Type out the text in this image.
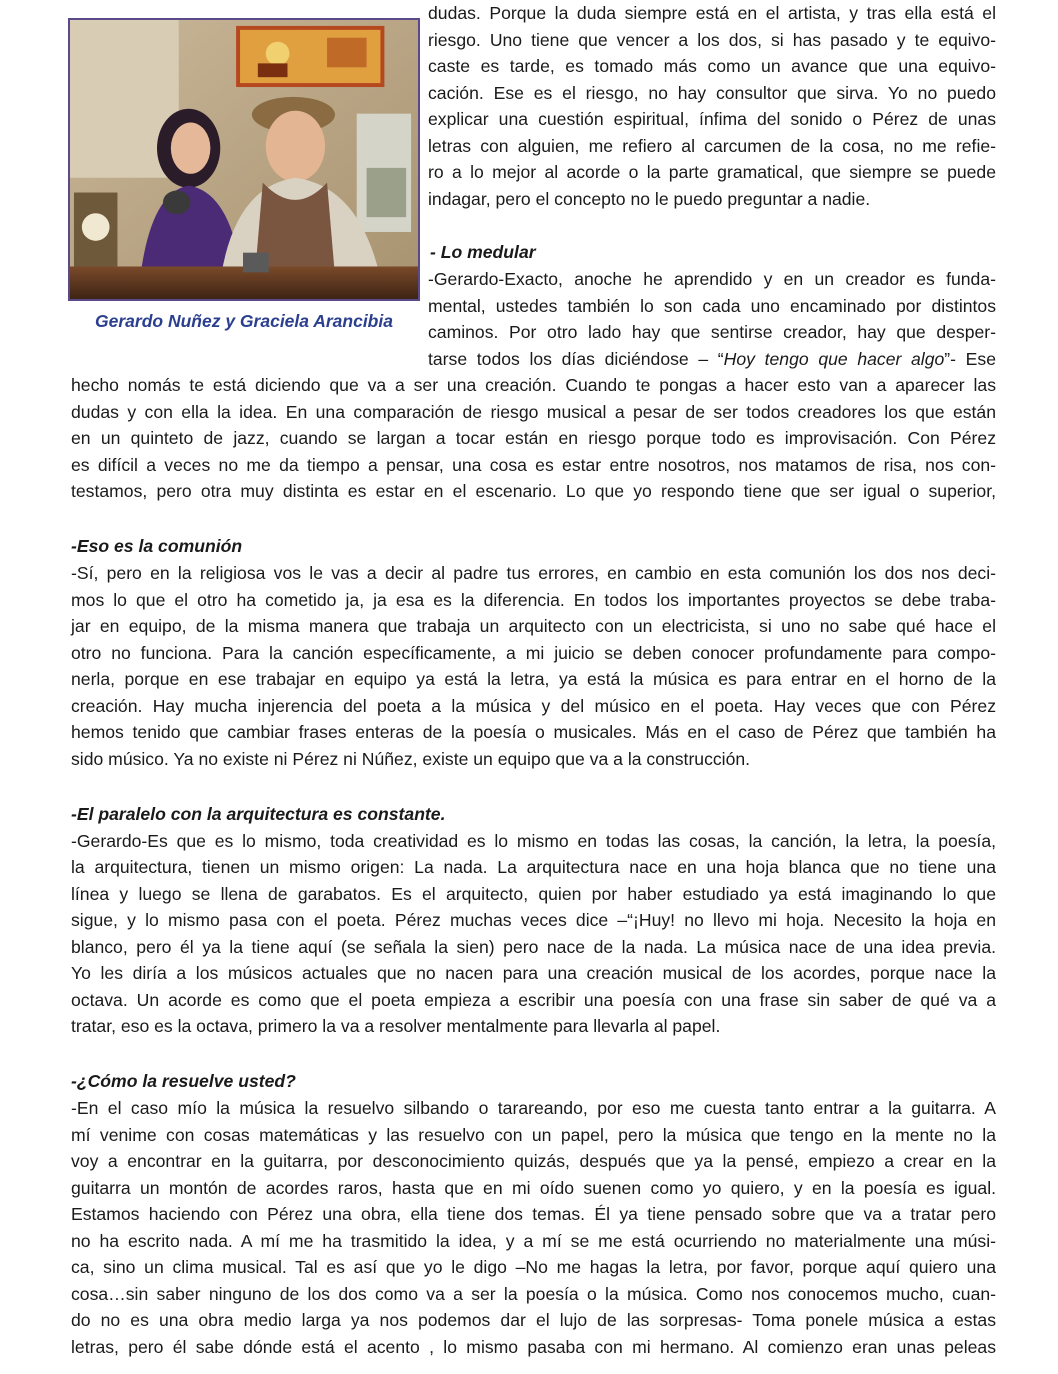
Gerardo Nuñez y Graciela Arancibia

dudas. Porque la duda siempre está en el artista, y tras ella está el

riesgo. Uno tiene que vencer a los dos, si has pasado y te equivo-

caste es tarde, es tomado más como un avance que una equivo-

cación. Ese es el riesgo, no hay consultor que sirva. Yo no puedo

explicar una cuestión espiritual, ínfima del sonido o Pérez de unas

letras con alguien, me refiero al carcumen de la cosa, no me refie-

ro a lo mejor al acorde o la parte gramatical, que siempre se puede

indagar, pero el concepto no le puedo preguntar a nadie.

- Lo medular

-Gerardo-Exacto, anoche he aprendido y en un creador es funda-

mental, ustedes también lo son cada uno encaminado por distintos

caminos. Por otro lado hay que sentirse creador, hay que desper-

tarse todos los días diciéndose – “Hoy tengo que hacer algo”- Ese

hecho nomás te está diciendo que va a ser una creación. Cuando te pongas a hacer esto van a aparecer las

dudas y con ella la idea. En una comparación de riesgo musical a pesar de ser todos creadores los que están

en un quinteto de jazz, cuando se largan a tocar están en riesgo porque todo es improvisación. Con Pérez

es difícil a veces no me da tiempo a pensar, una cosa es estar entre nosotros, nos matamos de risa, nos con-

testamos, pero otra muy distinta es estar en el escenario. Lo que yo respondo tiene que ser igual o superior,

-Eso es la comunión

-Sí, pero en la religiosa vos le vas a decir al padre tus errores, en cambio en esta comunión los dos nos deci-

mos lo que el otro ha cometido ja, ja esa es la diferencia. En todos los importantes proyectos se debe traba-

jar en equipo, de la misma manera que trabaja un arquitecto con un electricista, si uno no sabe qué hace el

otro no funciona. Para la canción específicamente, a mi juicio se deben conocer profundamente para compo-

nerla, porque en ese trabajar en equipo ya está la letra, ya está la música es para entrar en el horno de la

creación. Hay mucha injerencia del poeta a la música y del músico en el poeta. Hay veces que con Pérez

hemos tenido que cambiar frases enteras de la poesía o musicales. Más en el caso de Pérez que también ha

sido músico. Ya no existe ni Pérez ni Núñez, existe un equipo que va a la construcción.

-El paralelo con la arquitectura es constante.

-Gerardo-Es que es lo mismo, toda creatividad es lo mismo en todas las cosas, la canción, la letra, la poesía,

la arquitectura, tienen un mismo origen: La nada. La arquitectura nace en una hoja blanca que no tiene una

línea y luego se llena de garabatos. Es el arquitecto, quien por haber estudiado ya está imaginando lo que

sigue, y lo mismo pasa con el poeta. Pérez muchas veces dice –“¡Huy! no llevo mi hoja. Necesito la hoja en

blanco, pero él ya la tiene aquí (se señala la sien) pero nace de la nada. La música nace de una idea previa.

Yo les diría a los músicos actuales que no nacen para una creación musical de los acordes, porque nace la

octava. Un acorde es como que el poeta empieza a escribir una poesía con una frase sin saber de qué va a

tratar, eso es la octava, primero la va a resolver mentalmente para llevarla al papel.

-¿Cómo la resuelve usted?

-En el caso mío la música la resuelvo silbando o tarareando, por eso me cuesta tanto entrar a la guitarra. A

mí venime con cosas matemáticas y las resuelvo con un papel, pero la música que tengo en la mente no la

voy a encontrar en la guitarra, por desconocimiento quizás, después que ya la pensé, empiezo a crear en la

guitarra un montón de acordes raros, hasta que en mi oído suenen como yo quiero, y en la poesía es igual.

Estamos haciendo con Pérez una obra, ella tiene dos temas. Él ya tiene pensado sobre que va a tratar pero

no ha escrito nada. A mí me ha trasmitido la idea, y a mí se me está ocurriendo no materialmente una músi-

ca, sino un clima musical. Tal es así que yo le digo –No me hagas la letra, por favor, porque aquí quiero una

cosa…sin saber ninguno de los dos como va a ser la poesía o la música. Como nos conocemos mucho, cuan-

do no es una obra medio larga ya nos podemos dar el lujo de las sorpresas- Toma ponele música a estas

letras, pero él sabe dónde está el acento , lo mismo pasaba con mi hermano. Al comienzo eran unas peleas
